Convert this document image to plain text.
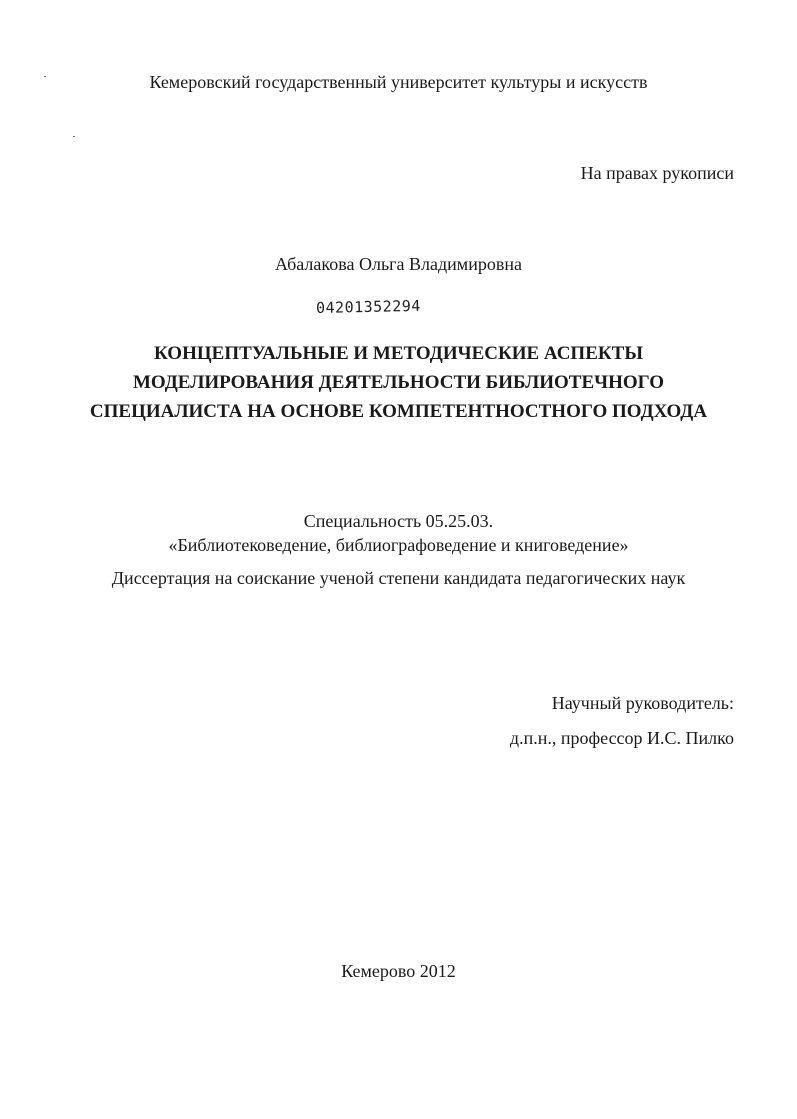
Кемеровский государственный университет культуры и искусств

На правах рукописи

Абалакова Ольга Владимировна

04201352294
КОНЦЕПТУАЛЬНЫЕ И МЕТОДИЧЕСКИЕ АСПЕКТЫ
МОДЕЛИРОВАНИЯ ДЕЯТЕЛЬНОСТИ БИБЛИОТЕЧНОГО
СПЕЦИАЛИСТА НА ОСНОВЕ КОМПЕТЕНТНОСТНОГО ПОДХОДА

Специальность 05.25.03.

«Библиотековедение, библиографоведение и книговедение»

Диссертация на соискание ученой степени кандидата педагогических наук

Научный руководитель:

д.п.н., профессор И.С. Пилко

Кемерово 2012
